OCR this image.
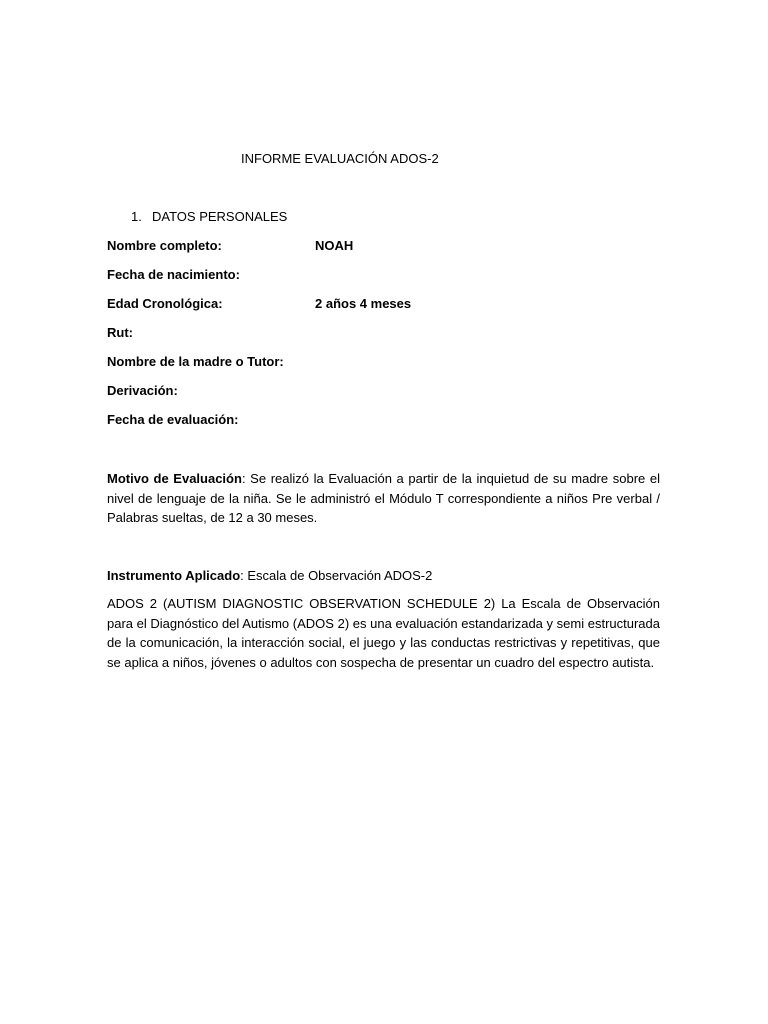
INFORME EVALUACIÓN ADOS-2
1. DATOS PERSONALES
Nombre completo:	NOAH
Fecha de nacimiento:
Edad Cronológica:	2 años 4 meses
Rut:
Nombre de la madre o Tutor:
Derivación:
Fecha de evaluación:
Motivo de Evaluación: Se realizó la Evaluación a partir de la inquietud de su madre sobre el nivel de lenguaje de la niña. Se le administró el Módulo T correspondiente a niños Pre verbal / Palabras sueltas, de 12 a 30 meses.
Instrumento Aplicado: Escala de Observación ADOS-2
ADOS 2 (AUTISM DIAGNOSTIC OBSERVATION SCHEDULE 2) La Escala de Observación para el Diagnóstico del Autismo (ADOS 2) es una evaluación estandarizada y semi estructurada de la comunicación, la interacción social, el juego y las conductas restrictivas y repetitivas, que se aplica a niños, jóvenes o adultos con sospecha de presentar un cuadro del espectro autista.
